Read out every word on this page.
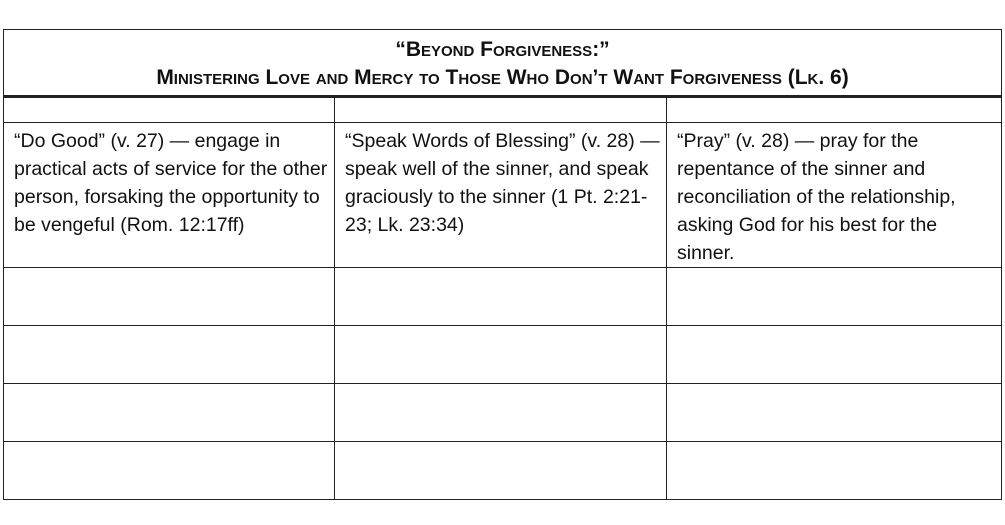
“Beyond Forgiveness:”
Ministering Love and Mercy to Those Who Don’t Want Forgiveness (Lk. 6)		

“Do Good” (v. 27) — engage in practical acts of service for the other person, forsaking the opportunity to be vengeful (Rom. 12:17ff)	“Speak Words of Blessing” (v. 28) — speak well of the sinner, and speak graciously to the sinner (1 Pt. 2:21-23; Lk. 23:34)	“Pray” (v. 28) — pray for the repentance of the sinner and reconciliation of the relationship, asking God for his best for the sinner.
